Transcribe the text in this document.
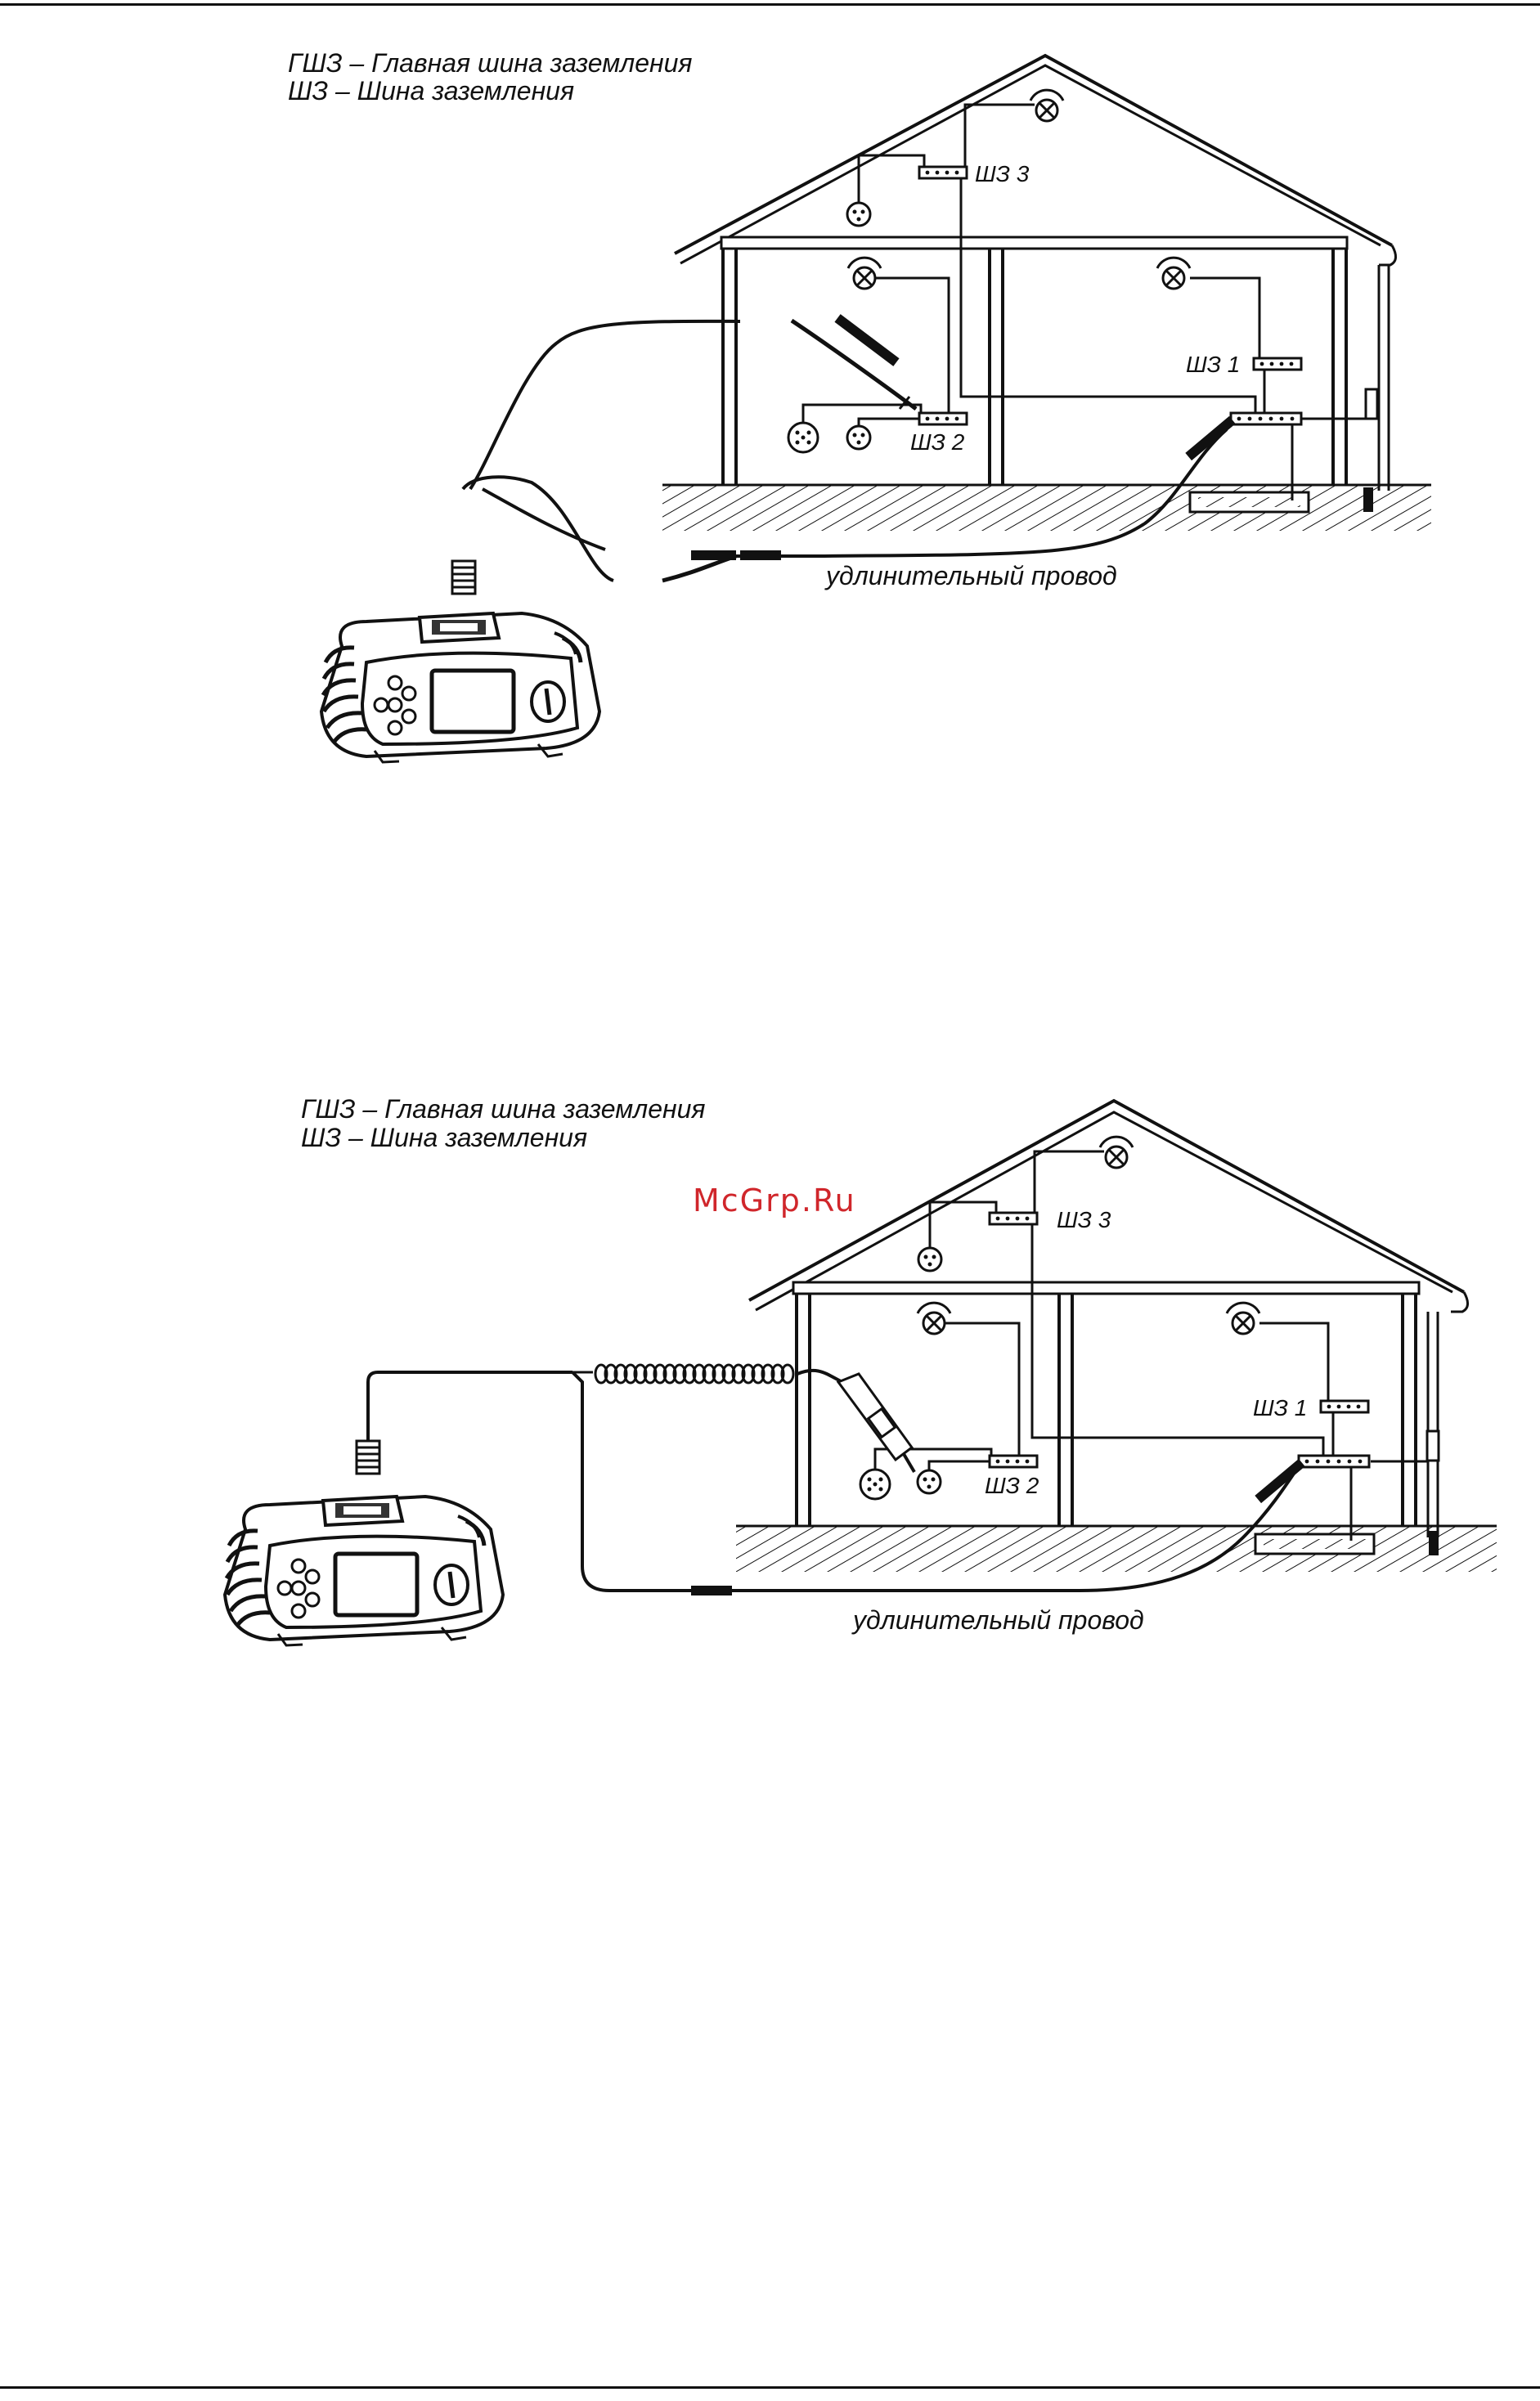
ГШЗ – Главная шина заземления
ШЗ – Шина заземления
ШЗ 3
ШЗ 1
ШЗ 2
удлинительный провод
McGrp.Ru
ГШЗ – Главная шина заземления
ШЗ – Шина заземления
ШЗ 3
ШЗ 1
ШЗ 2
удлинительный провод
